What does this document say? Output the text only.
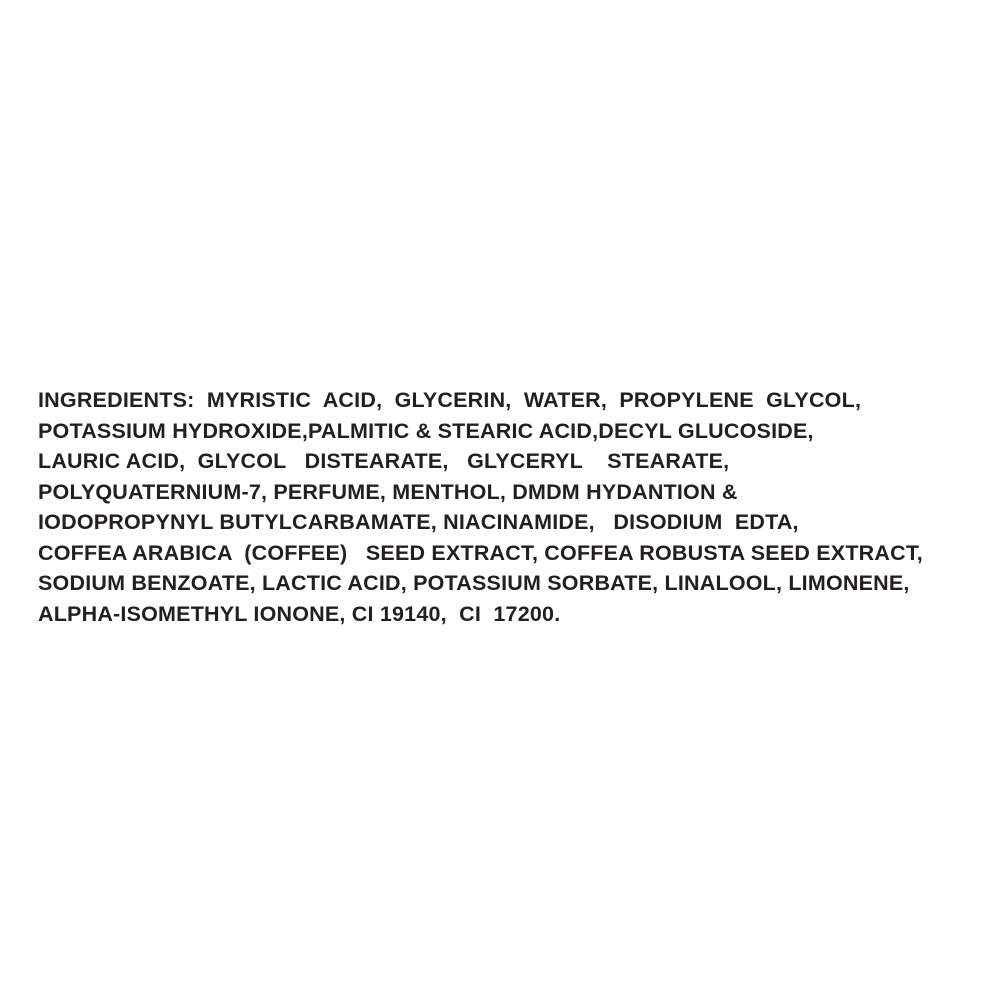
INGREDIENTS:  MYRISTIC  ACID,  GLYCERIN,  WATER,  PROPYLENE  GLYCOL,
POTASSIUM HYDROXIDE,PALMITIC & STEARIC ACID,DECYL GLUCOSIDE,
LAURIC ACID,  GLYCOL   DISTEARATE,   GLYCERYL    STEARATE,
POLYQUATERNIUM-7, PERFUME, MENTHOL, DMDM HYDANTION &
IODOPROPYNYL BUTYLCARBAMATE, NIACINAMIDE,   DISODIUM  EDTA,
COFFEA ARABICA  (COFFEE)   SEED EXTRACT, COFFEA ROBUSTA SEED EXTRACT,
SODIUM BENZOATE, LACTIC ACID, POTASSIUM SORBATE, LINALOOL, LIMONENE,
ALPHA-ISOMETHYL IONONE, CI 19140,  CI  17200.
